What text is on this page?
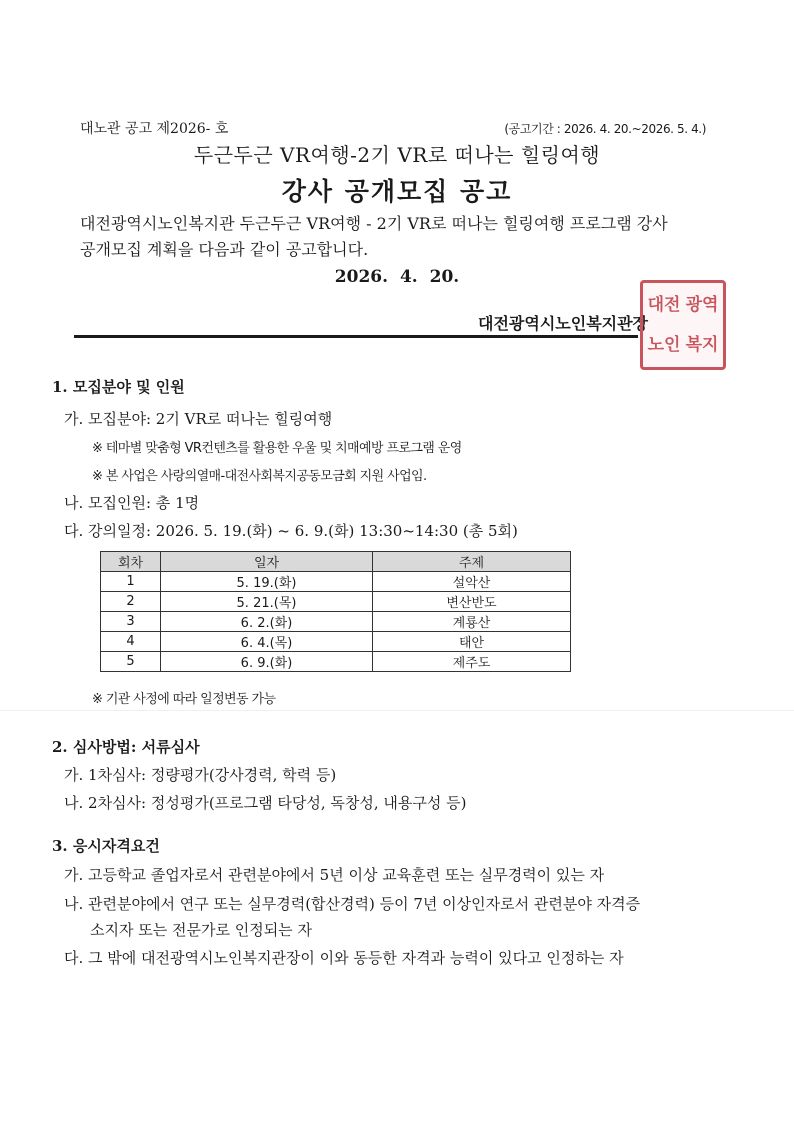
대노관 공고 제2026- 호	(공고기간 : 2026. 4. 20.~2026. 5. 4.)
두근두근 VR여행-2기 VR로 떠나는 힐링여행
강사 공개모집 공고
대전광역시노인복지관 두근두근 VR여행 - 2기 VR로 떠나는 힐링여행 프로그램 강사
공개모집 계획을 다음과 같이 공고합니다.
2026. 4. 20.
대전광역시노인복지관장
대전 광역
노인 복지
1. 모집분야 및 인원
가. 모집분야: 2기 VR로 떠나는 힐링여행
※ 테마별 맞춤형 VR컨텐츠를 활용한 우울 및 치매예방 프로그램 운영
※ 본 사업은 사랑의열매-대전사회복지공동모금회 지원 사업임.
나. 모집인원: 총 1명
다. 강의일정: 2026. 5. 19.(화) ~ 6. 9.(화) 13:30~14:30 (총 5회)
회차	일자	주제
1	5. 19.(화)	설악산
2	5. 21.(목)	변산반도
3	6. 2.(화)	계룡산
4	6. 4.(목)	태안
5	6. 9.(화)	제주도
※ 기관 사정에 따라 일정변동 가능
2. 심사방법: 서류심사
가. 1차심사: 정량평가(강사경력, 학력 등)
나. 2차심사: 정성평가(프로그램 타당성, 독창성, 내용구성 등)
3. 응시자격요건
가. 고등학교 졸업자로서 관련분야에서 5년 이상 교육훈련 또는 실무경력이 있는 자
나. 관련분야에서 연구 또는 실무경력(합산경력) 등이 7년 이상인자로서 관련분야 자격증
소지자 또는 전문가로 인정되는 자
다. 그 밖에 대전광역시노인복지관장이 이와 동등한 자격과 능력이 있다고 인정하는 자
